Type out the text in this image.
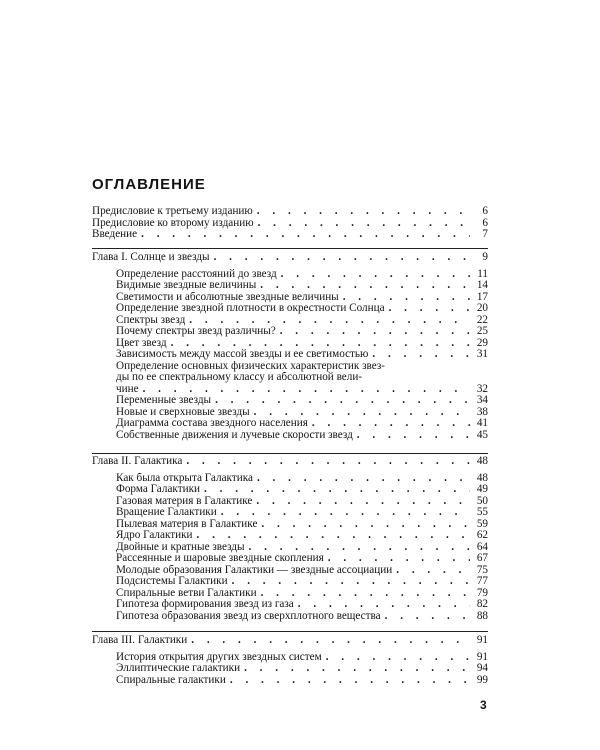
ОГЛАВЛЕНИЕ
Предисловие к третьему изданию . . .	6
Предисловие ко второму изданию . . .	6
Введение . . .	7
Глава I. Солнце и звезды . . .	9
Определение расстояний до звезд . . .	11
Видимые звездные величины . . .	14
Светимости и абсолютные звездные величины . . .	17
Определение звездной плотности в окрестности Солнца . . .	20
Спектры звезд . . .	22
Почему спектры звезд различны? . . .	25
Цвет звезд . . .	29
Зависимость между массой звезды и ее светимостью . . .	31
Определение основных физических характеристик звез-
ды по ее спектральному классу и абсолютной вели-
чине . . .	32
Переменные звезды . . .	34
Новые и сверхновые звезды . . .	38
Диаграмма состава звездного населения . . .	41
Собственные движения и лучевые скорости звезд . . .	45
Глава II. Галактика . . .	48
Как была открыта Галактика . . .	48
Форма Галактики . . .	49
Газовая материя в Галактике . . .	50
Вращение Галактики . . .	55
Пылевая материя в Галактике . . .	59
Ядро Галактики . . .	62
Двойные и кратные звезды . . .	64
Рассеянные и шаровые звездные скопления . . .	67
Молодые образования Галактики — звездные ассоциации . . .	75
Подсистемы Галактики . . .	77
Спиральные ветви Галактики . . .	79
Гипотеза формирования звезд из газа . . .	82
Гипотеза образования звезд из сверхплотного вещества . . .	88
Глава III. Галактики . . .	91
История открытия других звездных систем . . .	91
Эллиптические галактики . . .	94
Спиральные галактики . . .	99
3
